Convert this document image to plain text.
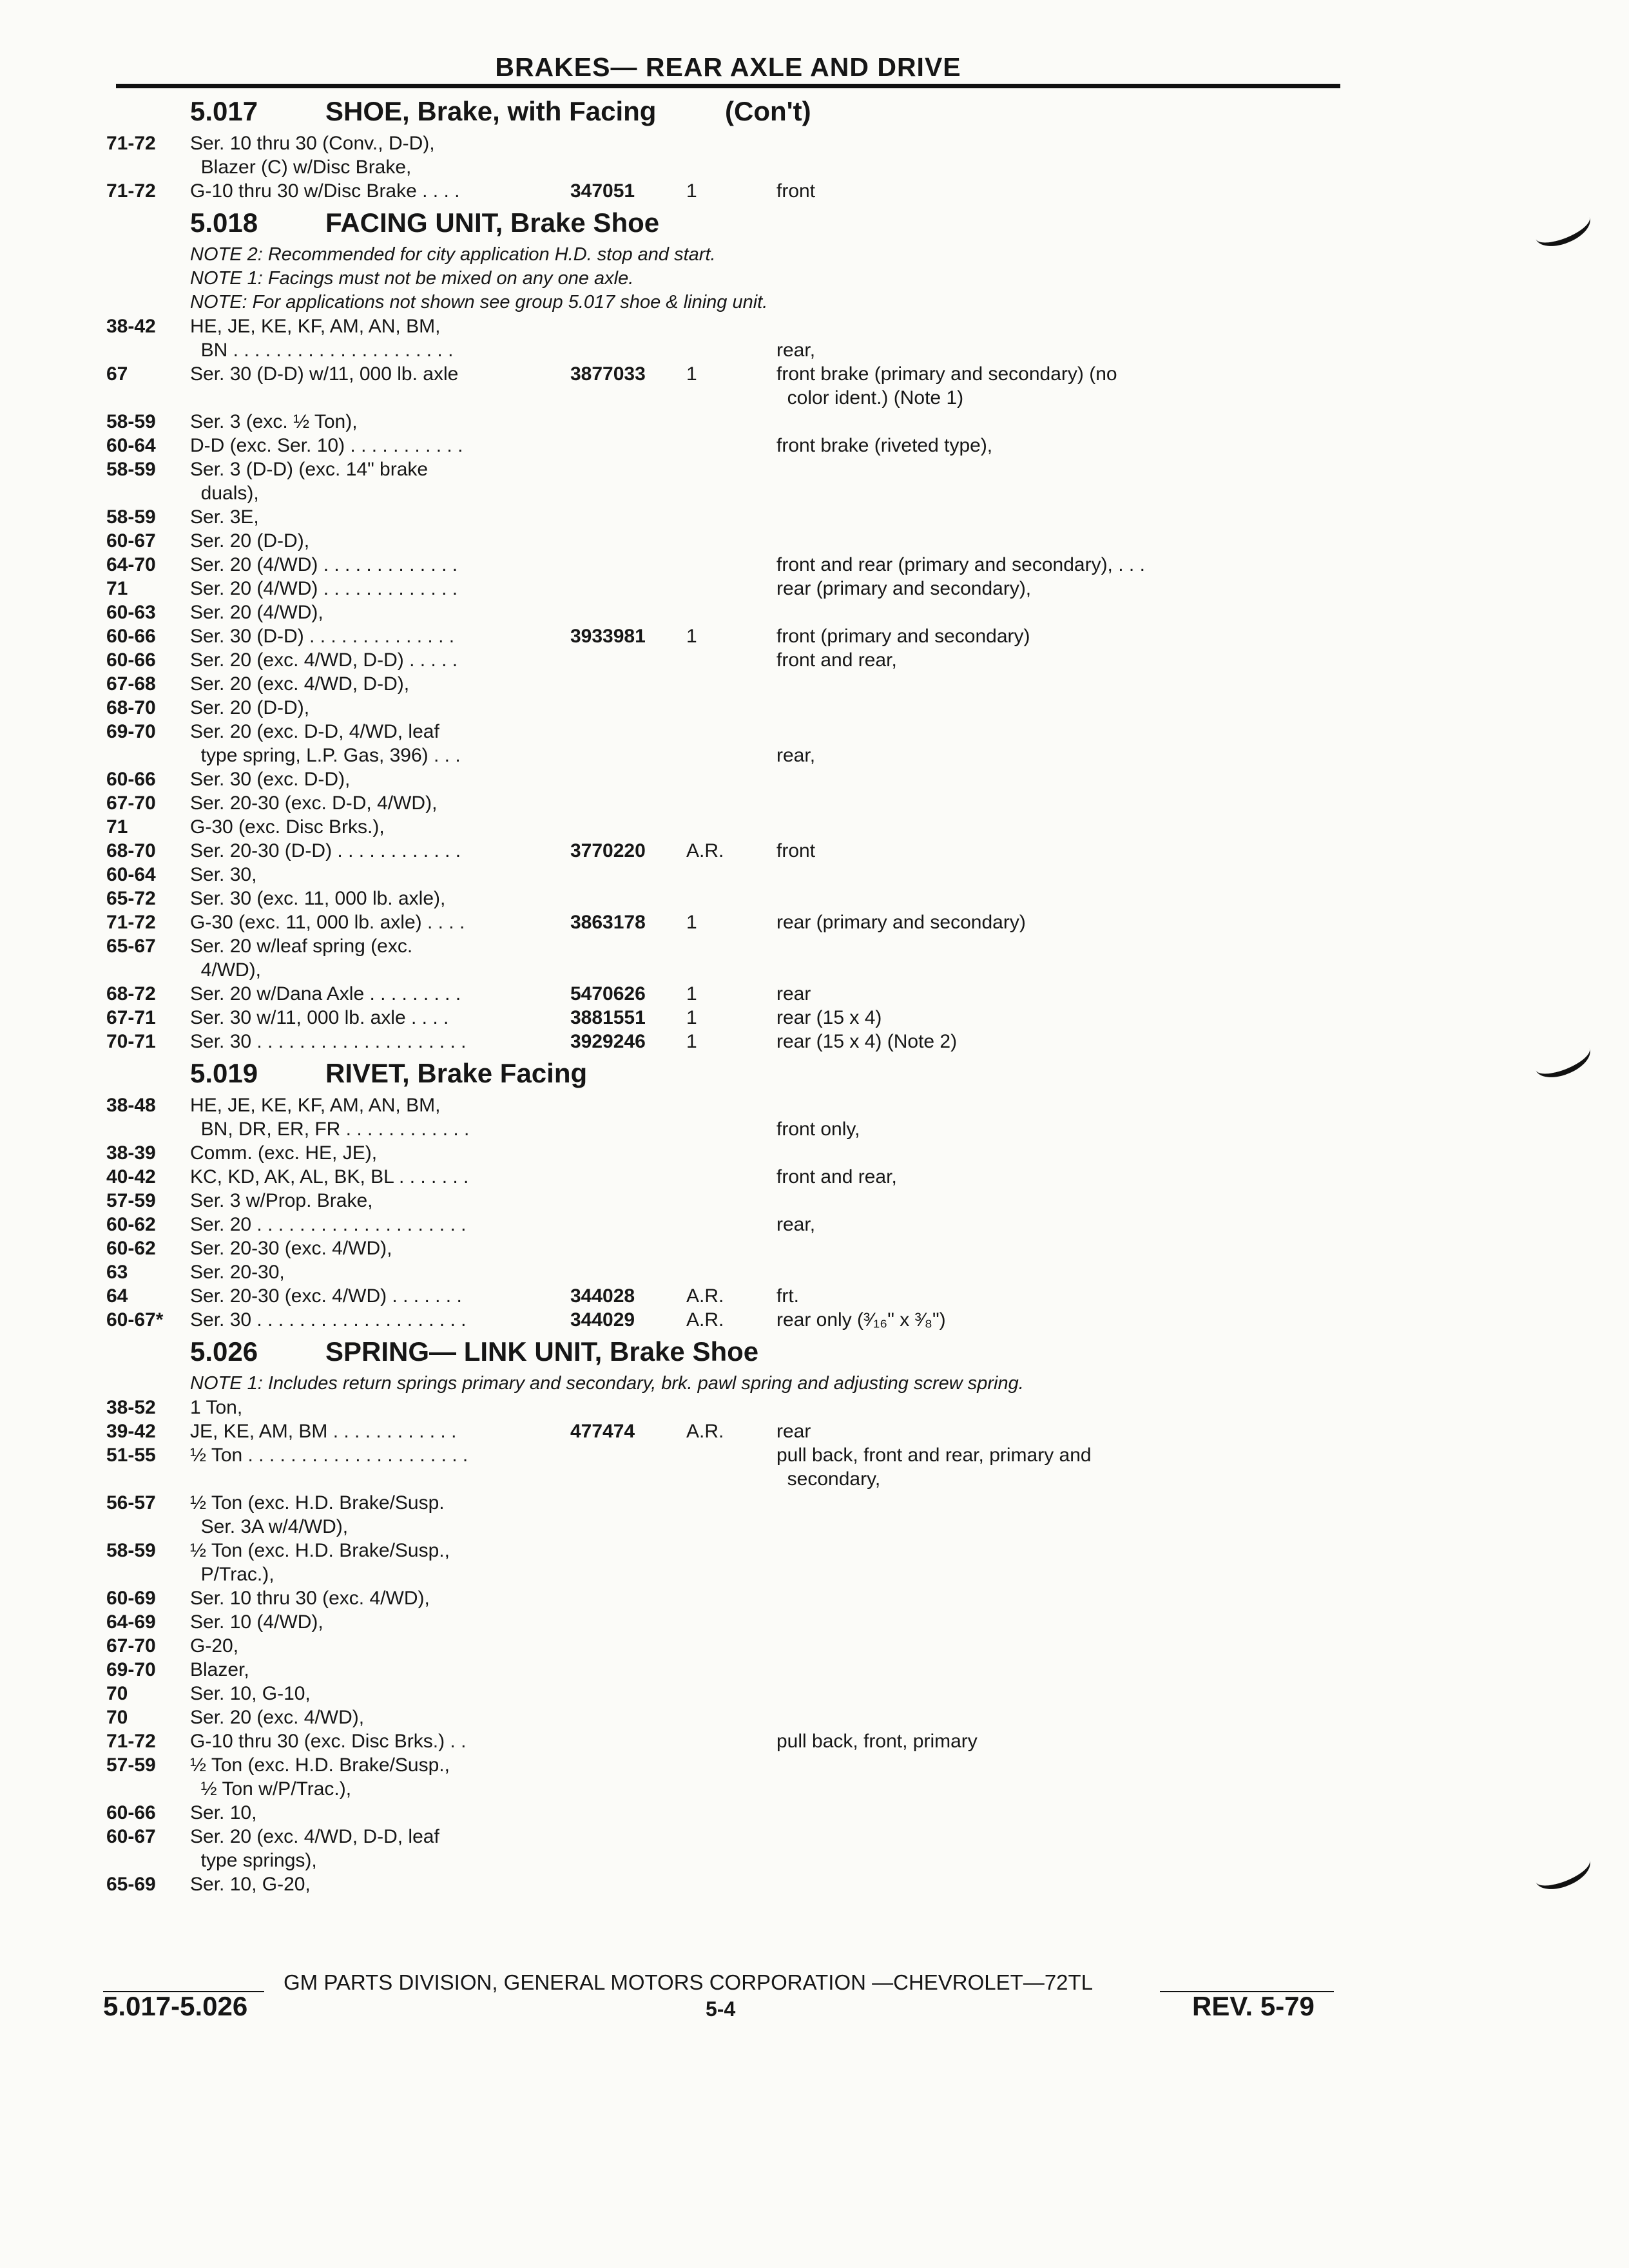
BRAKES— REAR AXLE AND DRIVE
5.017 SHOE, Brake, with Facing	(Con't)
71-72	Ser. 10 thru 30 (Conv., D-D),
Blazer (C) w/Disc Brake,
71-72	G-10 thru 30 w/Disc Brake . . . .	347051	1	front
5.018 FACING UNIT, Brake Shoe
NOTE 2: Recommended for city application H.D. stop and start.
NOTE 1: Facings must not be mixed on any one axle.
NOTE: For applications not shown see group 5.017 shoe & lining unit.
38-42	HE, JE, KE, KF, AM, AN, BM,
BN . . . . . . . . . . . . . . . . . . . . .	rear,
67	Ser. 30 (D-D) w/11, 000 lb. axle	3877033	1	front brake (primary and secondary) (no
color ident.) (Note 1)
58-59	Ser. 3 (exc. ½ Ton),
60-64	D-D (exc. Ser. 10) . . . . . . . . . . .	front brake (riveted type),
58-59	Ser. 3 (D-D) (exc. 14" brake
duals),
58-59	Ser. 3E,
60-67	Ser. 20 (D-D),
64-70	Ser. 20 (4/WD) . . . . . . . . . . . . .	front and rear (primary and secondary), . . .
71	Ser. 20 (4/WD) . . . . . . . . . . . . .	rear (primary and secondary),
60-63	Ser. 20 (4/WD),
60-66	Ser. 30 (D-D) . . . . . . . . . . . . . .	3933981	1	front (primary and secondary)
60-66	Ser. 20 (exc. 4/WD, D-D) . . . . .	front and rear,
67-68	Ser. 20 (exc. 4/WD, D-D),
68-70	Ser. 20 (D-D),
69-70	Ser. 20 (exc. D-D, 4/WD, leaf
type spring, L.P. Gas, 396) . . .	rear,
60-66	Ser. 30 (exc. D-D),
67-70	Ser. 20-30 (exc. D-D, 4/WD),
71	G-30 (exc. Disc Brks.),
68-70	Ser. 20-30 (D-D) . . . . . . . . . . . .	3770220	A.R.	front
60-64	Ser. 30,
65-72	Ser. 30 (exc. 11, 000 lb. axle),
71-72	G-30 (exc. 11, 000 lb. axle) . . . .	3863178	1	rear (primary and secondary)
65-67	Ser. 20 w/leaf spring (exc.
4/WD),
68-72	Ser. 20 w/Dana Axle . . . . . . . . .	5470626	1	rear
67-71	Ser. 30 w/11, 000 lb. axle . . . .	3881551	1	rear (15 x 4)
70-71	Ser. 30 . . . . . . . . . . . . . . . . . . . .	3929246	1	rear (15 x 4) (Note 2)
5.019 RIVET, Brake Facing
38-48	HE, JE, KE, KF, AM, AN, BM,
BN, DR, ER, FR . . . . . . . . . . . .	front only,
38-39	Comm. (exc. HE, JE),
40-42	KC, KD, AK, AL, BK, BL . . . . . . .	front and rear,
57-59	Ser. 3 w/Prop. Brake,
60-62	Ser. 20 . . . . . . . . . . . . . . . . . . . .	rear,
60-62	Ser. 20-30 (exc. 4/WD),
63	Ser. 20-30,
64	Ser. 20-30 (exc. 4/WD) . . . . . . .	344028	A.R.	frt.
60-67*	Ser. 30 . . . . . . . . . . . . . . . . . . . .	344029	A.R.	rear only (³⁄₁₆" x ³⁄₈")
5.026 SPRING— LINK UNIT, Brake Shoe
NOTE 1: Includes return springs primary and secondary, brk. pawl spring and adjusting screw spring.
38-52	1 Ton,
39-42	JE, KE, AM, BM . . . . . . . . . . . .	477474	A.R.	rear
51-55	½ Ton . . . . . . . . . . . . . . . . . . . . .	pull back, front and rear, primary and
secondary,
56-57	½ Ton (exc. H.D. Brake/Susp.
Ser. 3A w/4/WD),
58-59	½ Ton (exc. H.D. Brake/Susp.,
P/Trac.),
60-69	Ser. 10 thru 30 (exc. 4/WD),
64-69	Ser. 10 (4/WD),
67-70	G-20,
69-70	Blazer,
70	Ser. 10, G-10,
70	Ser. 20 (exc. 4/WD),
71-72	G-10 thru 30 (exc. Disc Brks.) . .	pull back, front, primary
57-59	½ Ton (exc. H.D. Brake/Susp.,
½ Ton w/P/Trac.),
60-66	Ser. 10,
60-67	Ser. 20 (exc. 4/WD, D-D, leaf
type springs),
65-69	Ser. 10, G-20,
GM PARTS DIVISION, GENERAL MOTORS CORPORATION —CHEVROLET—72TL
5.017-5.026	5-4	REV. 5-79
